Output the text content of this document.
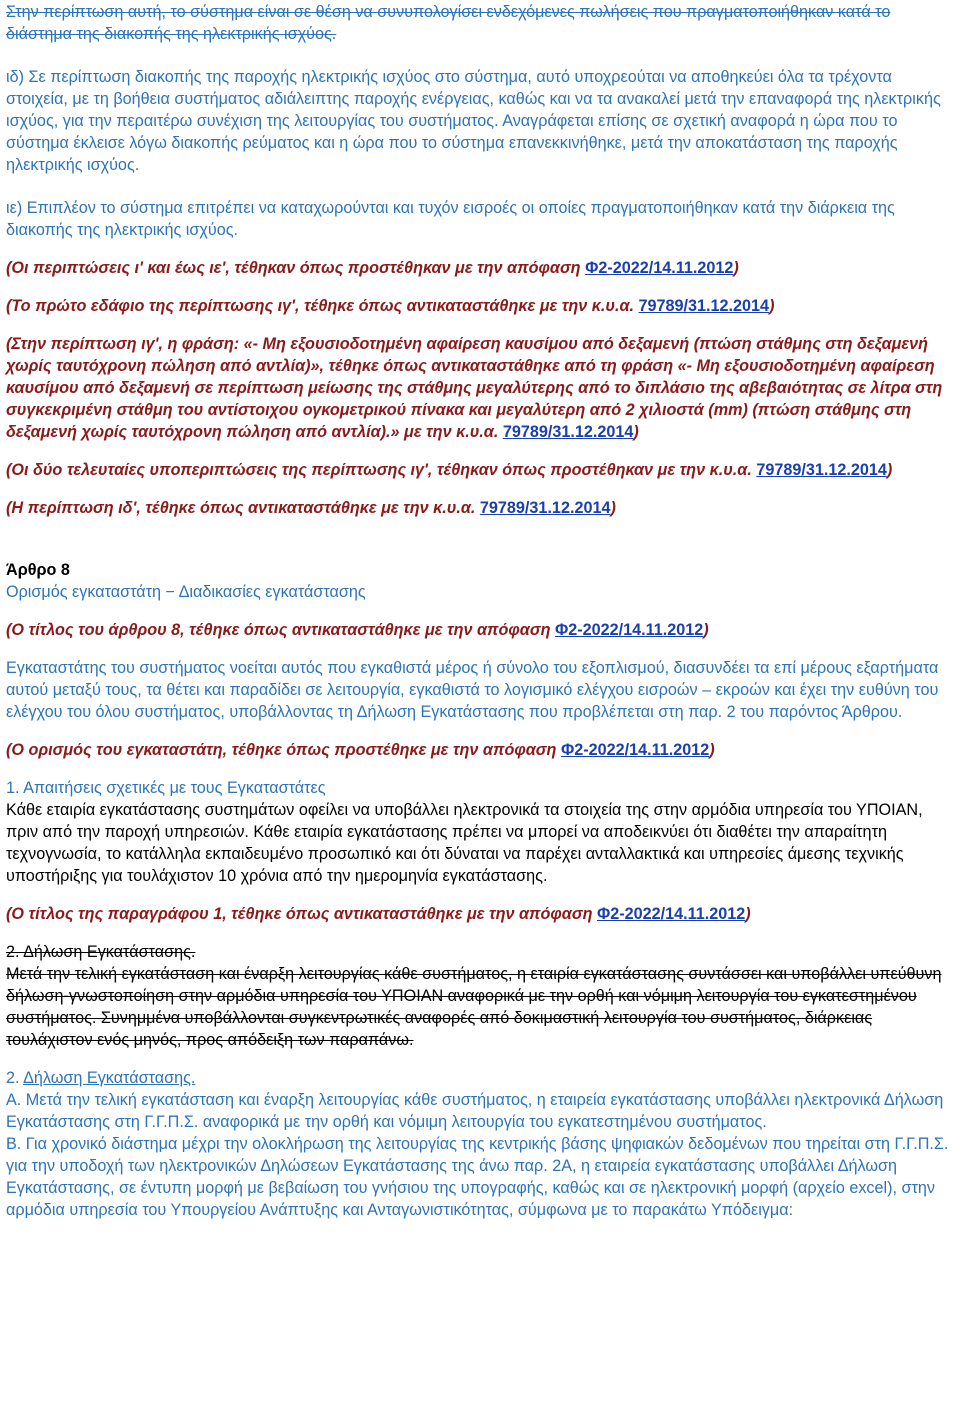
Στην περίπτωση αυτή, το σύστημα είναι σε θέση να συνυπολογίσει ενδεχόμενες πωλήσεις που πραγματοποιήθηκαν κατά το διάστημα της διακοπής της ηλεκτρικής ισχύος.

ιδ) Σε περίπτωση διακοπής της παροχής ηλεκτρικής ισχύος στο σύστημα, αυτό υποχρεούται να αποθηκεύει όλα τα τρέχοντα στοιχεία, με τη βοήθεια συστήματος αδιάλειπτης παροχής ενέργειας, καθώς και να τα ανακαλεί μετά την επαναφορά της ηλεκτρικής ισχύος, για την περαιτέρω συνέχιση της λειτουργίας του συστήματος. Αναγράφεται επίσης σε σχετική αναφορά η ώρα που το σύστημα έκλεισε λόγω διακοπής ρεύματος και η ώρα που το σύστημα επανεκκινήθηκε, μετά την αποκατάσταση της παροχής ηλεκτρικής ισχύος.

ιε) Επιπλέον το σύστημα επιτρέπει να καταχωρούνται και τυχόν εισροές οι οποίες πραγματοποιήθηκαν κατά την διάρκεια της διακοπής της ηλεκτρικής ισχύος.

(Οι περιπτώσεις ι' και έως ιε', τέθηκαν όπως προστέθηκαν με την απόφαση Φ2-2022/14.11.2012)

(Το πρώτο εδάφιο της περίπτωσης ιγ', τέθηκε όπως αντικαταστάθηκε με την κ.υ.α. 79789/31.12.2014)

(Στην περίπτωση ιγ', η φράση: «- Μη εξουσιοδοτημένη αφαίρεση καυσίμου από δεξαμενή (πτώση στάθμης στη δεξαμενή χωρίς ταυτόχρονη πώληση από αντλία)», τέθηκε όπως αντικαταστάθηκε από τη φράση «- Μη εξουσιοδοτημένη αφαίρεση καυσίμου από δεξαμενή σε περίπτωση μείωσης της στάθμης μεγαλύτερης από το διπλάσιο της αβεβαιότητας σε λίτρα στη συγκεκριμένη στάθμη του αντίστοιχου ογκομετρικού πίνακα και μεγαλύτερη από 2 χιλιοστά (mm) (πτώση στάθμης στη δεξαμενή χωρίς ταυτόχρονη πώληση από αντλία).» με την κ.υ.α. 79789/31.12.2014)

(Οι δύο τελευταίες υποπεριπτώσεις της περίπτωσης ιγ', τέθηκαν όπως προστέθηκαν με την κ.υ.α. 79789/31.12.2014)

(Η περίπτωση ιδ', τέθηκε όπως αντικαταστάθηκε με την κ.υ.α. 79789/31.12.2014)

Άρθρο 8

Ορισμός εγκαταστάτη − Διαδικασίες εγκατάστασης

(Ο τίτλος του άρθρου 8, τέθηκε όπως αντικαταστάθηκε με την απόφαση Φ2-2022/14.11.2012)

Εγκαταστάτης του συστήματος νοείται αυτός που εγκαθιστά μέρος ή σύνολο του εξοπλισμού, διασυνδέει τα επί μέρους εξαρτήματα αυτού μεταξύ τους, τα θέτει και παραδίδει σε λειτουργία, εγκαθιστά το λογισμικό ελέγχου εισροών – εκροών και έχει την ευθύνη του ελέγχου του όλου συστήματος, υποβάλλοντας τη Δήλωση Εγκατάστασης που προβλέπεται στη παρ. 2 του παρόντος Άρθρου.

(Ο ορισμός του εγκαταστάτη, τέθηκε όπως προστέθηκε με την απόφαση Φ2-2022/14.11.2012)

1. Απαιτήσεις σχετικές με τους Εγκαταστάτες

Κάθε εταιρία εγκατάστασης συστημάτων οφείλει να υποβάλλει ηλεκτρονικά τα στοιχεία της στην αρμόδια υπηρεσία του ΥΠΟΙΑΝ, πριν από την παροχή υπηρεσιών. Κάθε εταιρία εγκατάστασης πρέπει να μπορεί να αποδεικνύει ότι διαθέτει την απαραίτητη τεχνογνωσία, το κατάλληλα εκπαιδευμένο προσωπικό και ότι δύναται να παρέχει ανταλλακτικά και υπηρεσίες άμεσης τεχνικής υποστήριξης για τουλάχιστον 10 χρόνια από την ημερομηνία εγκατάστασης.

(Ο τίτλος της παραγράφου 1, τέθηκε όπως αντικαταστάθηκε με την απόφαση Φ2-2022/14.11.2012)

2. Δήλωση Εγκατάστασης.

Μετά την τελική εγκατάσταση και έναρξη λειτουργίας κάθε συστήματος, η εταιρία εγκατάστασης συντάσσει και υποβάλλει υπεύθυνη δήλωση-γνωστοποίηση στην αρμόδια υπηρεσία του ΥΠΟΙΑΝ αναφορικά με την ορθή και νόμιμη λειτουργία του εγκατεστημένου συστήματος. Συνημμένα υποβάλλονται συγκεντρωτικές αναφορές από δοκιμαστική λειτουργία του συστήματος, διάρκειας τουλάχιστον ενός μηνός, προς απόδειξη των παραπάνω.

2. Δήλωση Εγκατάστασης.

Α. Μετά την τελική εγκατάσταση και έναρξη λειτουργίας κάθε συστήματος, η εταιρεία εγκατάστασης υποβάλλει ηλεκτρονικά Δήλωση Εγκατάστασης στη Γ.Γ.Π.Σ. αναφορικά με την ορθή και νόμιμη λειτουργία του εγκατεστημένου συστήματος.

Β. Για χρονικό διάστημα μέχρι την ολοκλήρωση της λειτουργίας της κεντρικής βάσης ψηφιακών δεδομένων που τηρείται στη Γ.Γ.Π.Σ. για την υποδοχή των ηλεκτρονικών Δηλώσεων Εγκατάστασης της άνω παρ. 2Α, η εταιρεία εγκατάστασης υποβάλλει Δήλωση Εγκατάστασης, σε έντυπη μορφή με βεβαίωση του γνήσιου της υπογραφής, καθώς και σε ηλεκτρονική μορφή (αρχείο excel), στην αρμόδια υπηρεσία του Υπουργείου Ανάπτυξης και Ανταγωνιστικότητας, σύμφωνα με το παρακάτω Υπόδειγμα:
